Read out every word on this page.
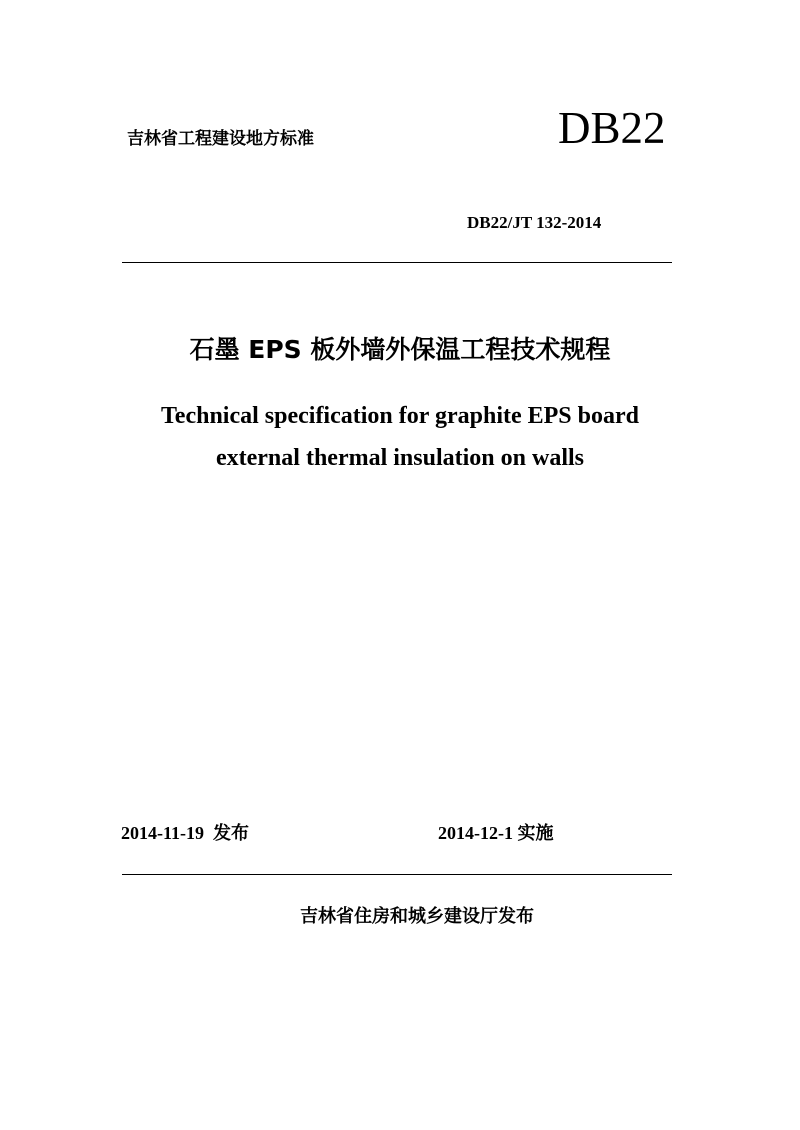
吉林省工程建设地方标准	DB22
DB22/JT 132-2014
石墨 EPS 板外墙外保温工程技术规程
Technical specification for graphite EPS board
external thermal insulation on walls
2014-11-19  发布	2014-12-1 实施
吉林省住房和城乡建设厅发布
